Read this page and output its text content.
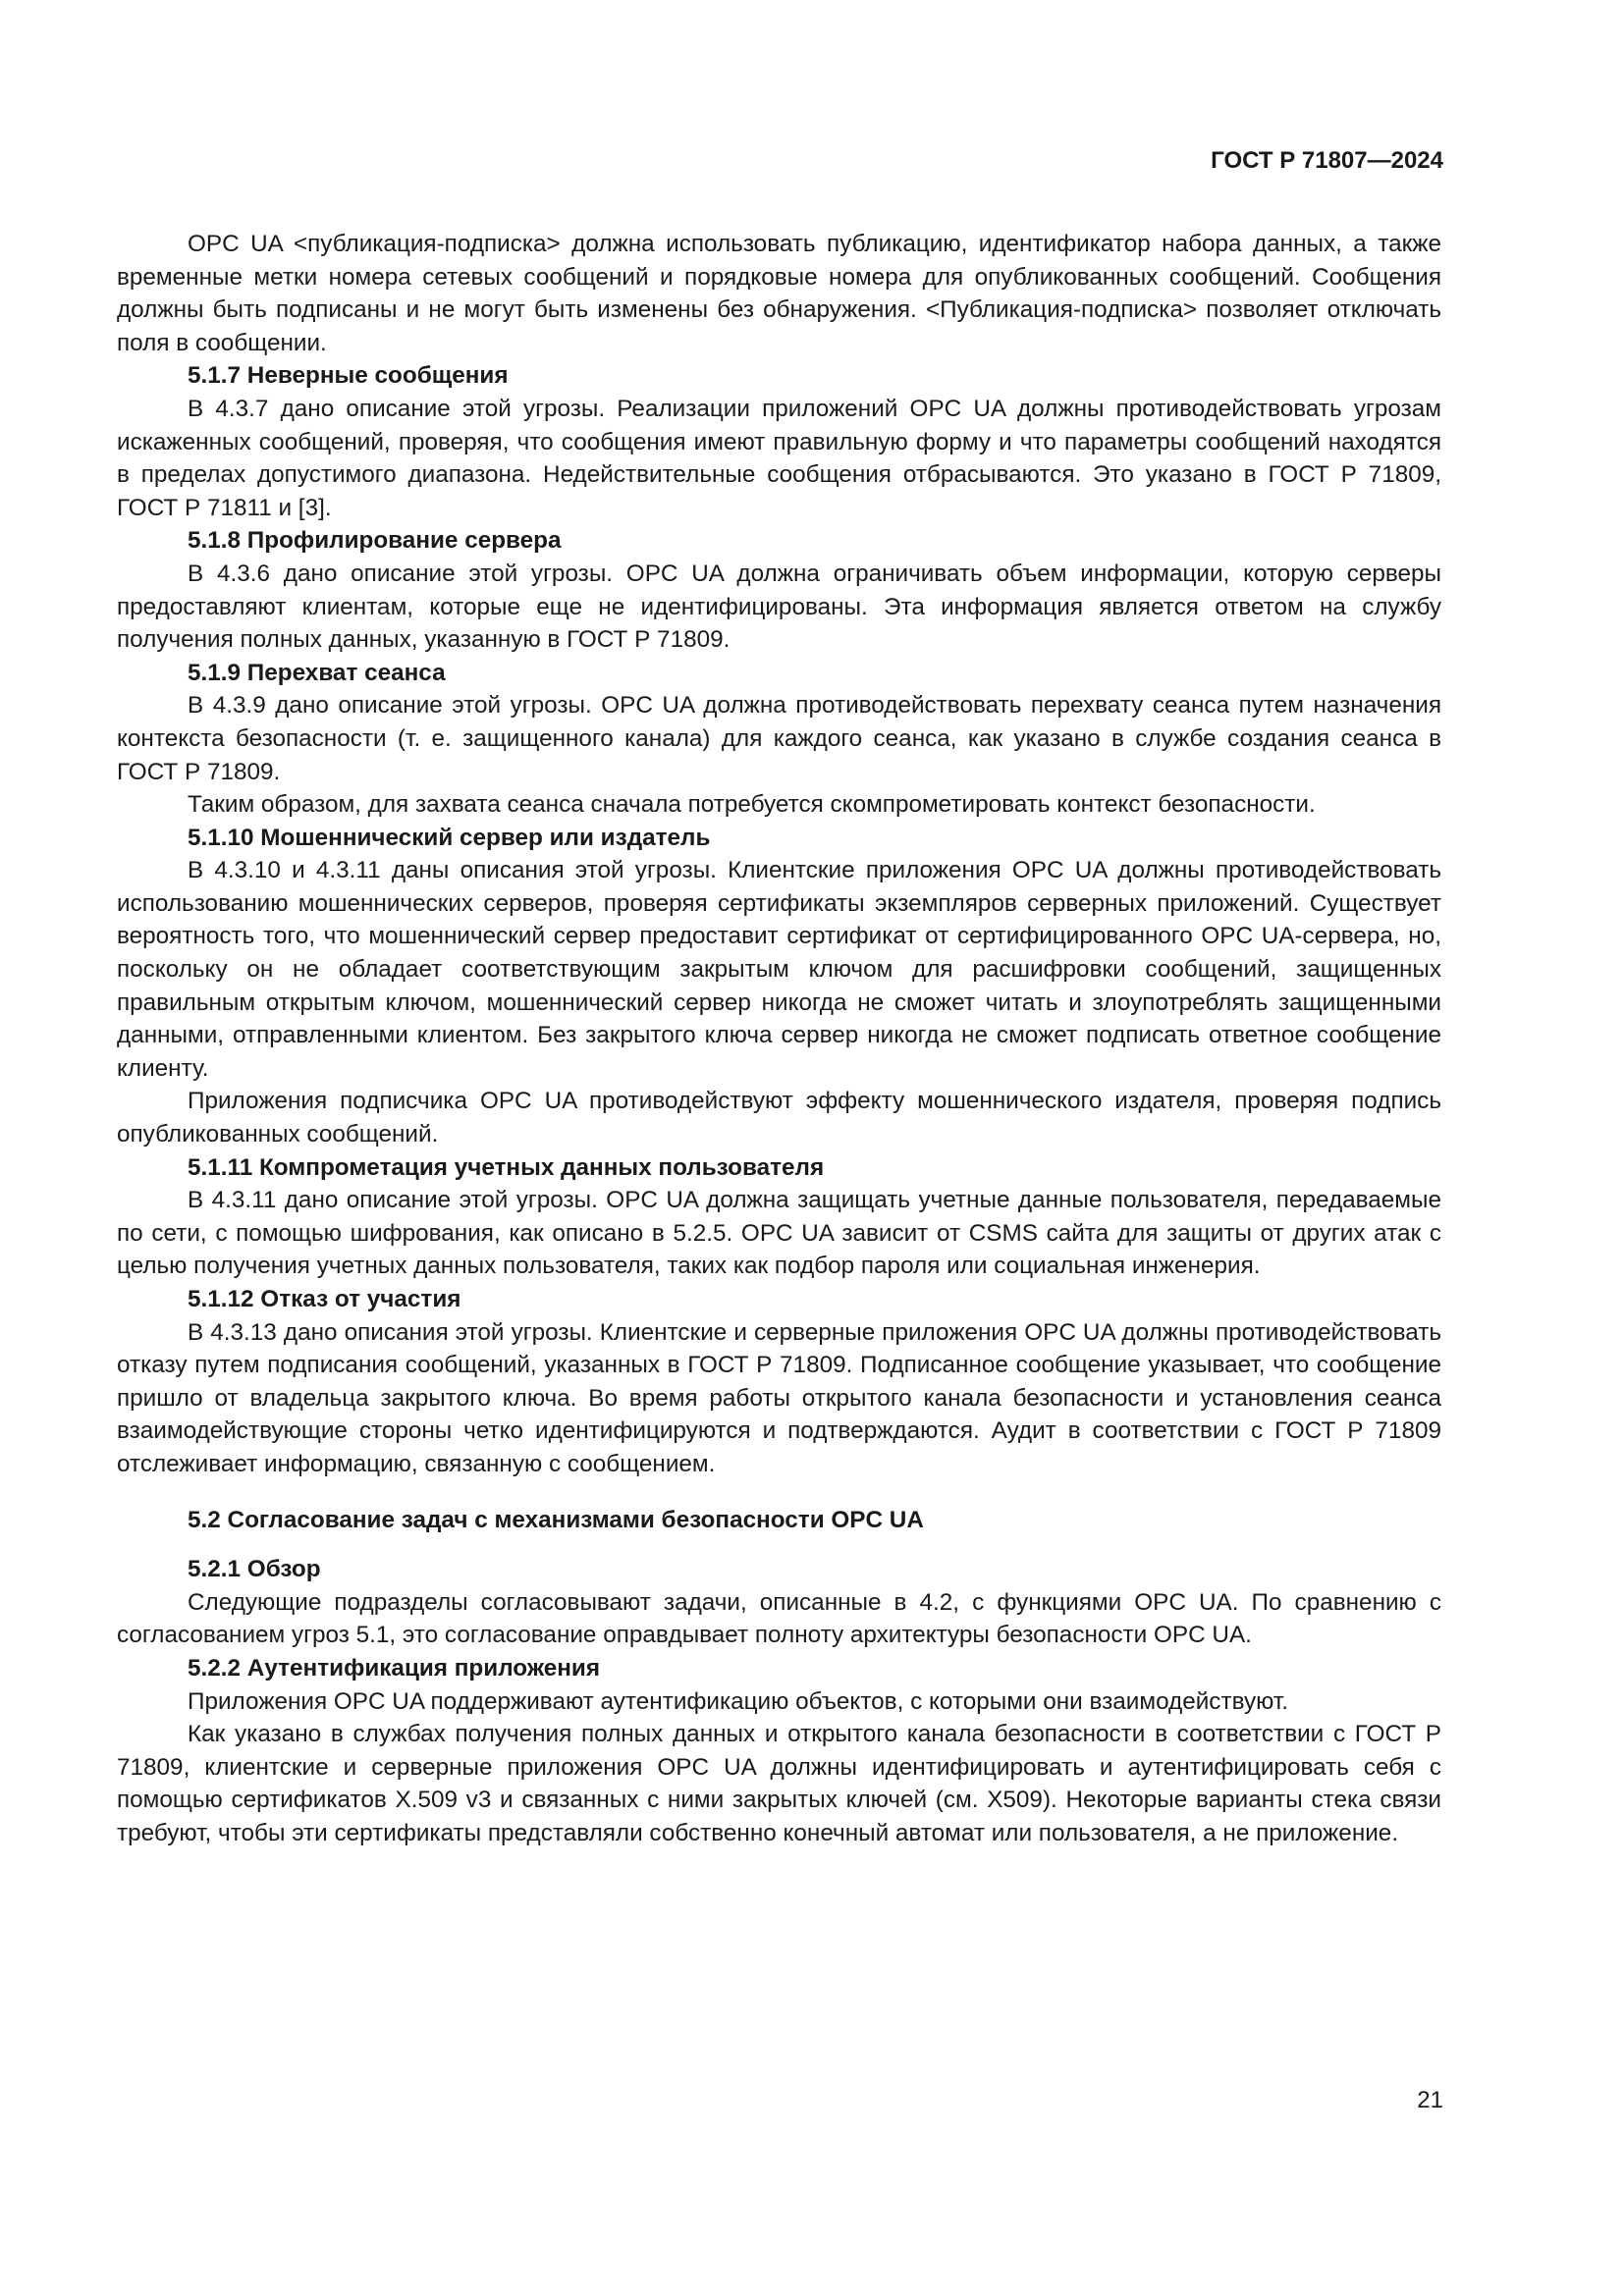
ГОСТ Р 71807—2024

OPC UA <публикация-подписка> должна использовать публикацию, идентификатор набора данных, а также временные метки номера сетевых сообщений и порядковые номера для опубликованных сообщений. Сообщения должны быть подписаны и не могут быть изменены без обнаружения. <Публикация-подписка> позволяет отключать поля в сообщении.

5.1.7 Неверные сообщения

В 4.3.7 дано описание этой угрозы. Реализации приложений OPC UA должны противодействовать угрозам искаженных сообщений, проверяя, что сообщения имеют правильную форму и что параметры сообщений находятся в пределах допустимого диапазона. Недействительные сообщения отбрасываются. Это указано в ГОСТ Р 71809, ГОСТ Р 71811 и [3].

5.1.8 Профилирование сервера

В 4.3.6 дано описание этой угрозы. OPC UA должна ограничивать объем информации, которую серверы предоставляют клиентам, которые еще не идентифицированы. Эта информация является ответом на службу получения полных данных, указанную в ГОСТ Р 71809.

5.1.9 Перехват сеанса

В 4.3.9 дано описание этой угрозы. OPC UA должна противодействовать перехвату сеанса путем назначения контекста безопасности (т. е. защищенного канала) для каждого сеанса, как указано в службе создания сеанса в ГОСТ Р 71809.

Таким образом, для захвата сеанса сначала потребуется скомпрометировать контекст безопасности.

5.1.10 Мошеннический сервер или издатель

В 4.3.10 и 4.3.11 даны описания этой угрозы. Клиентские приложения OPC UA должны противодействовать использованию мошеннических серверов, проверяя сертификаты экземпляров серверных приложений. Существует вероятность того, что мошеннический сервер предоставит сертификат от сертифицированного OPC UA-сервера, но, поскольку он не обладает соответствующим закрытым ключом для расшифровки сообщений, защищенных правильным открытым ключом, мошеннический сервер никогда не сможет читать и злоупотреблять защищенными данными, отправленными клиентом. Без закрытого ключа сервер никогда не сможет подписать ответное сообщение клиенту.

Приложения подписчика OPC UA противодействуют эффекту мошеннического издателя, проверяя подпись опубликованных сообщений.

5.1.11 Компрометация учетных данных пользователя

В 4.3.11 дано описание этой угрозы. OPC UA должна защищать учетные данные пользователя, передаваемые по сети, с помощью шифрования, как описано в 5.2.5. OPC UA зависит от CSMS сайта для защиты от других атак с целью получения учетных данных пользователя, таких как подбор пароля или социальная инженерия.

5.1.12 Отказ от участия

В 4.3.13 дано описания этой угрозы. Клиентские и серверные приложения OPC UA должны противодействовать отказу путем подписания сообщений, указанных в ГОСТ Р 71809. Подписанное сообщение указывает, что сообщение пришло от владельца закрытого ключа. Во время работы открытого канала безопасности и установления сеанса взаимодействующие стороны четко идентифицируются и подтверждаются. Аудит в соответствии с ГОСТ Р 71809 отслеживает информацию, связанную с сообщением.

5.2 Согласование задач с механизмами безопасности OPC UA
5.2.1 Обзор

Следующие подразделы согласовывают задачи, описанные в 4.2, с функциями OPC UA. По сравнению с согласованием угроз 5.1, это согласование оправдывает полноту архитектуры безопасности OPC UA.

5.2.2 Аутентификация приложения

Приложения OPC UA поддерживают аутентификацию объектов, с которыми они взаимодействуют.

Как указано в службах получения полных данных и открытого канала безопасности в соответствии с ГОСТ Р 71809, клиентские и серверные приложения OPC UA должны идентифицировать и аутентифицировать себя с помощью сертификатов X.509 v3 и связанных с ними закрытых ключей (см. X509). Некоторые варианты стека связи требуют, чтобы эти сертификаты представляли собственно конечный автомат или пользователя, а не приложение.

21
